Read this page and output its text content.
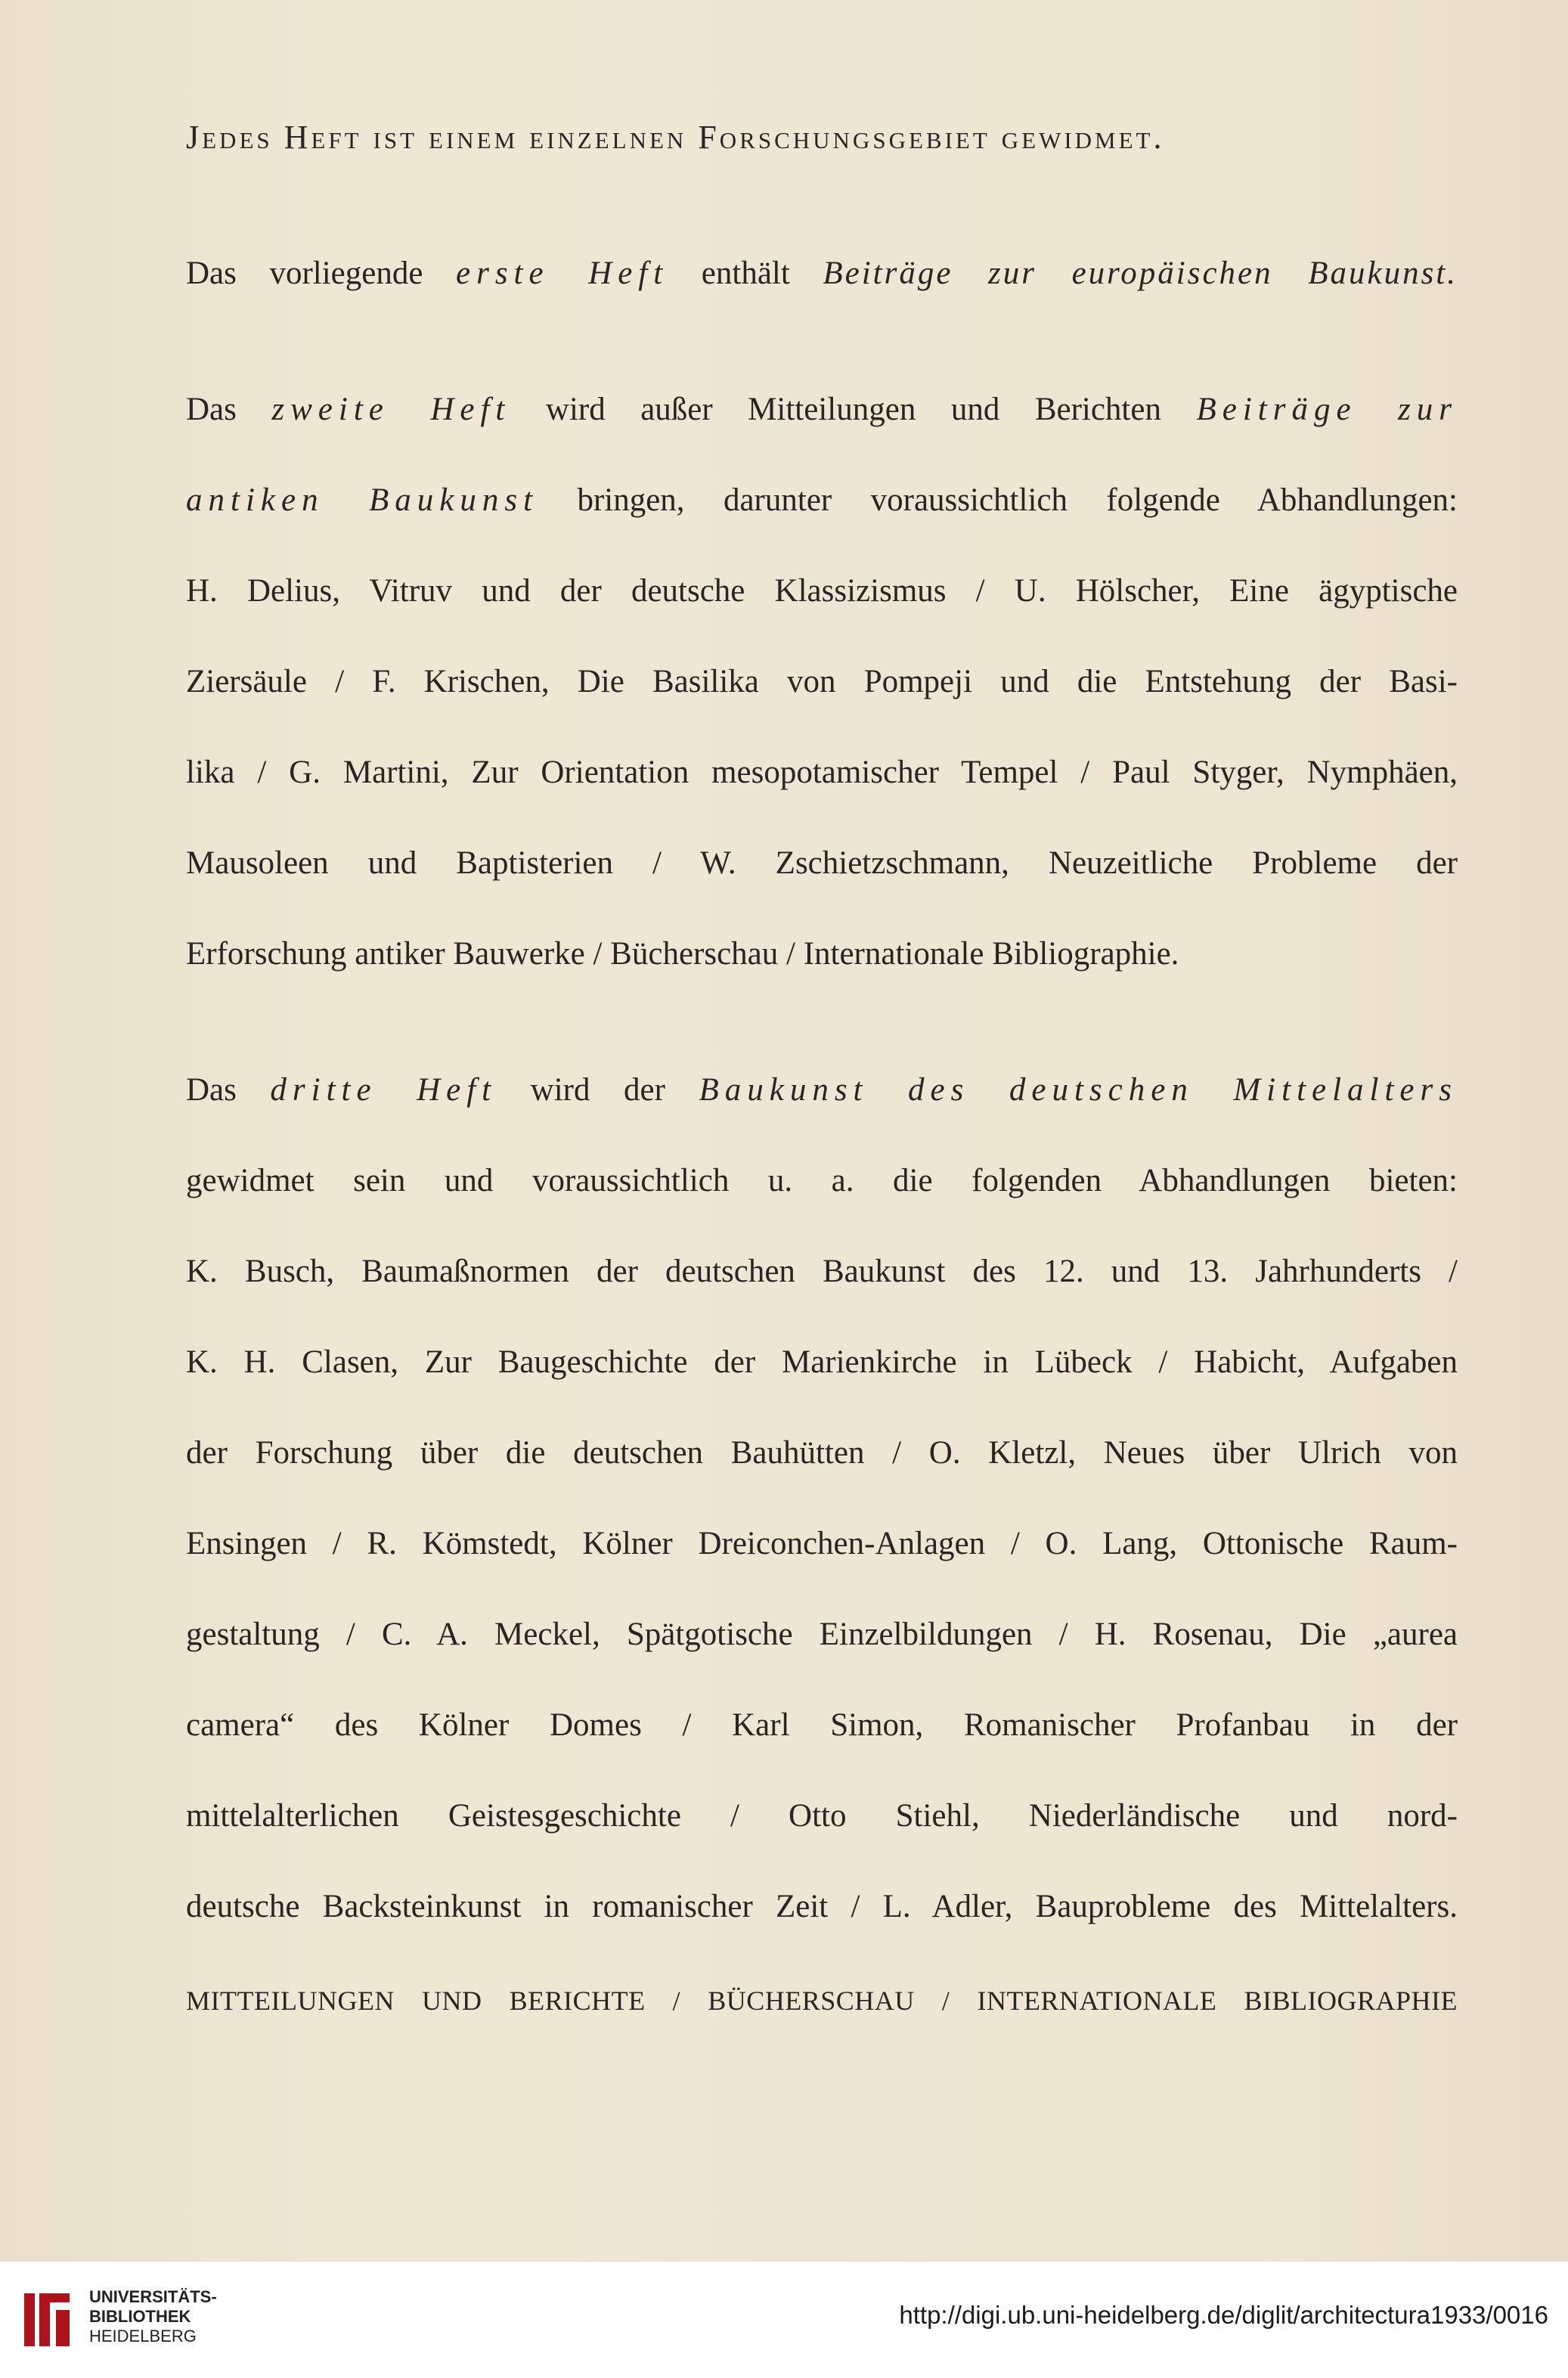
Jedes Heft ist einem einzelnen Forschungsgebiet gewidmet.
Das vorliegende erste Heft enthält Beiträge zur europäischen Baukunst.
Das zweite Heft wird außer Mitteilungen und Berichten Beiträge zur
antiken Baukunst bringen, darunter voraussichtlich folgende Abhandlungen:
H. Delius, Vitruv und der deutsche Klassizismus / U. Hölscher, Eine ägyptische
Ziersäule / F. Krischen, Die Basilika von Pompeji und die Entstehung der Basi-
lika / G. Martini, Zur Orientation mesopotamischer Tempel / Paul Styger, Nymphäen,
Mausoleen und Baptisterien / W. Zschietzschmann, Neuzeitliche Probleme der
Erforschung antiker Bauwerke / Bücherschau / Internationale Bibliographie.
Das dritte Heft wird der Baukunst des deutschen Mittelalters
gewidmet sein und voraussichtlich u. a. die folgenden Abhandlungen bieten:
K. Busch, Baumaßnormen der deutschen Baukunst des 12. und 13. Jahrhunderts /
K. H. Clasen, Zur Baugeschichte der Marienkirche in Lübeck / Habicht, Aufgaben
der Forschung über die deutschen Bauhütten / O. Kletzl, Neues über Ulrich von
Ensingen / R. Kömstedt, Kölner Dreiconchen-Anlagen / O. Lang, Ottonische Raum-
gestaltung / C. A. Meckel, Spätgotische Einzelbildungen / H. Rosenau, Die „aurea
camera“ des Kölner Domes / Karl Simon, Romanischer Profanbau in der
mittelalterlichen Geistesgeschichte / Otto Stiehl, Niederländische und nord-
deutsche Backsteinkunst in romanischer Zeit / L. Adler, Bauprobleme des Mittelalters.
MITTEILUNGEN UND BERICHTE / BÜCHERSCHAU / INTERNATIONALE BIBLIOGRAPHIE
UNIVERSITÄTS-
BIBLIOTHEK
HEIDELBERG
http://digi.ub.uni-heidelberg.de/diglit/architectura1933/0016
